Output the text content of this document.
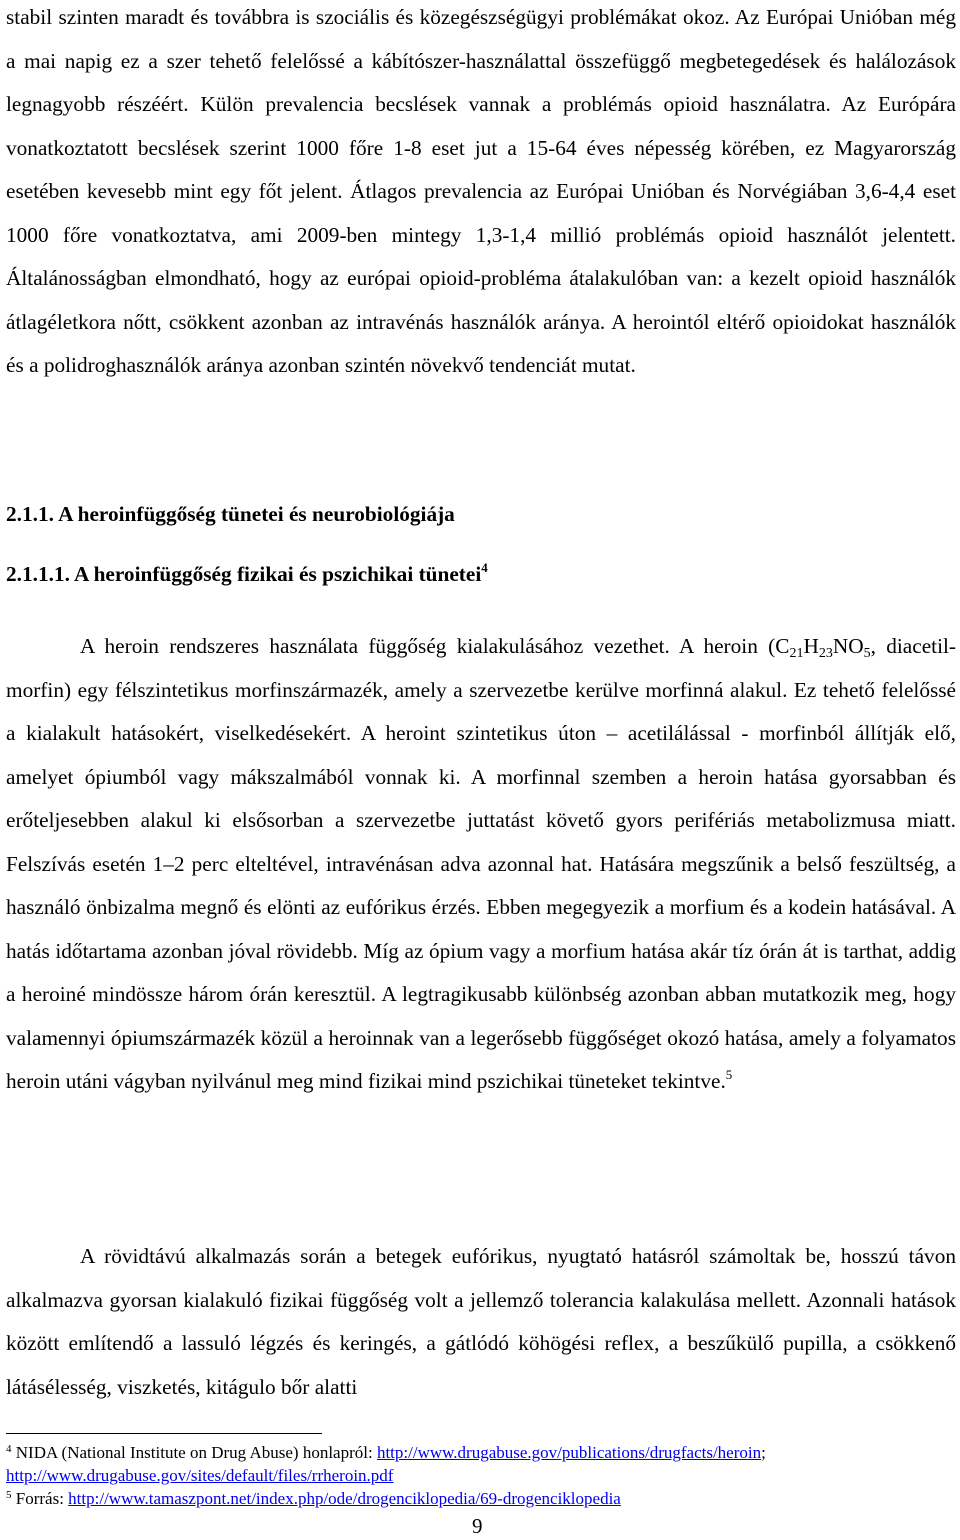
stabil szinten maradt és továbbra is szociális és közegészségügyi problémákat okoz. Az Európai Unióban még a mai napig ez a szer tehető felelőssé a kábítószer-használattal összefüggő megbetegedések és halálozások legnagyobb részéért. Külön prevalencia becslések vannak a problémás opioid használatra. Az Európára vonatkoztatott becslések szerint 1000 főre 1-8 eset jut a 15-64 éves népesség körében, ez Magyarország esetében kevesebb mint egy főt jelent. Átlagos prevalencia az Európai Unióban és Norvégiában 3,6-4,4 eset 1000 főre vonatkoztatva, ami 2009-ben mintegy 1,3-1,4 millió problémás opioid használót jelentett. Általánosságban elmondható, hogy az európai opioid-probléma átalakulóban van: a kezelt opioid használók átlagéletkora nőtt, csökkent azonban az intravénás használók aránya. A herointól eltérő opioidokat használók és a polidroghasználók aránya azonban szintén növekvő tendenciát mutat.

2.1.1. A heroinfüggőség tünetei és neurobiológiája
2.1.1.1. A heroinfüggőség fizikai és pszichikai tünetei$^4$

A heroin rendszeres használata függőség kialakulásához vezethet. A heroin ($C_{21}H_{23}NO_5$, diacetil-morfin) egy félszintetikus morfinszármazék, amely a szervezetbe kerülve morfinná alakul. Ez tehető felelőssé a kialakult hatásokért, viselkedésekért. A heroint szintetikus úton – acetilálással - morfinból állítják elő, amelyet ópiumból vagy mákszalmából vonnak ki. A morfinnal szemben a heroin hatása gyorsabban és erőteljesebben alakul ki elsősorban a szervezetbe juttatást követő gyors perifériás metabolizmusa miatt. Felszívás esetén 1–2 perc elteltével, intravénásan adva azonnal hat. Hatására megszűnik a belső feszültség, a használó önbizalma megnő és elönti az eufórikus érzés. Ebben megegyezik a morfium és a kodein hatásával. A hatás időtartama azonban jóval rövidebb. Míg az ópium vagy a morfium hatása akár tíz órán át is tarthat, addig a heroiné mindössze három órán keresztül. A legtragikusabb különbség azonban abban mutatkozik meg, hogy valamennyi ópiumszármazék közül a heroinnak van a legerősebb függőséget okozó hatása, amely a folyamatos heroin utáni vágyban nyilvánul meg mind fizikai mind pszichikai tüneteket tekintve.$^5$

A rövidtávú alkalmazás során a betegek eufórikus, nyugtató hatásról számoltak be, hosszú távon alkalmazva gyorsan kialakuló fizikai függőség volt a jellemző tolerancia kalakulása mellett. Azonnali hatások között említendő a lassuló légzés és keringés, a gátlódó köhögési reflex, a beszűkülő pupilla, a csökkenő látásélesség, viszketés, kitágulo bőr alatti

$^4$ NIDA (National Institute on Drug Abuse) honlapról: http://www.drugabuse.gov/publications/drugfacts/heroin;
http://www.drugabuse.gov/sites/default/files/rrheroin.pdf

$^5$ Forrás: http://www.tamaszpont.net/index.php/ode/drogenciklopedia/69-drogenciklopedia

9
